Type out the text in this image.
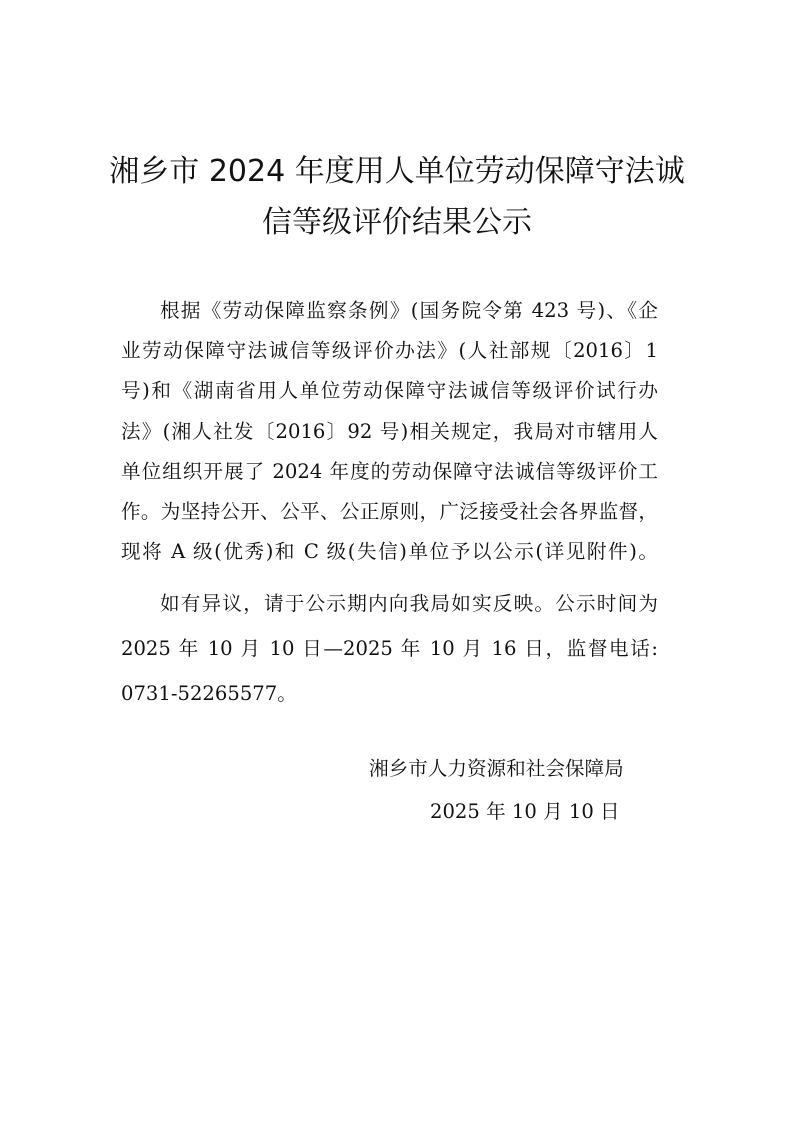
湘乡市 2024 年度用人单位劳动保障守法诚
信等级评价结果公示
根据《劳动保障监察条例》(国务院令第 423 号)、《企
业劳动保障守法诚信等级评价办法》(人社部规〔2016〕1
号)和《湖南省用人单位劳动保障守法诚信等级评价试行办
法》(湘人社发〔2016〕92 号)相关规定，我局对市辖用人
单位组织开展了 2024 年度的劳动保障守法诚信等级评价工
作。为坚持公开、公平、公正原则，广泛接受社会各界监督，
现将 A 级(优秀)和 C 级(失信)单位予以公示(详见附件)。
如有异议，请于公示期内向我局如实反映。公示时间为
2025 年 10 月 10 日—2025 年 10 月 16 日，监督电话:
0731-52265577。
湘乡市人力资源和社会保障局
2025 年 10 月 10 日
